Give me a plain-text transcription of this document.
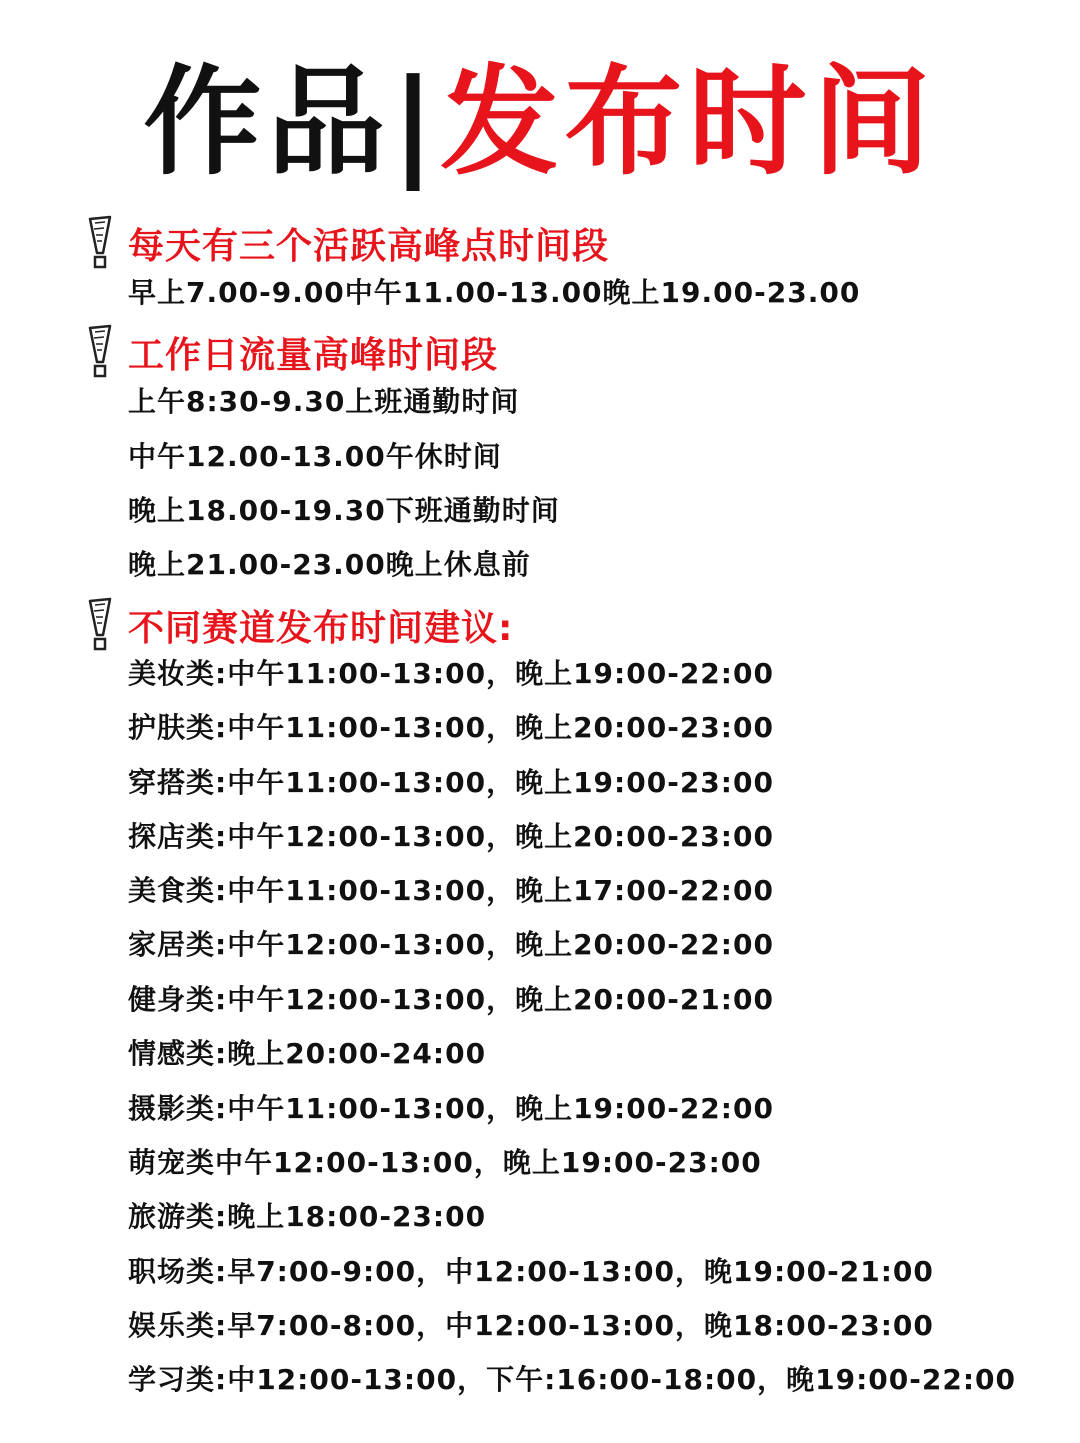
作品|发布时间
每天有三个活跃高峰点时间段
早上7.00-9.00中午11.00-13.00晚上19.00-23.00
工作日流量高峰时间段
上午8:30-9.30上班通勤时间
中午12.00-13.00午休时间
晚上18.00-19.30下班通勤时间
晚上21.00-23.00晚上休息前
不同赛道发布时间建议:
美妆类:中午11:00-13:00，晚上19:00-22:00
护肤类:中午11:00-13:00，晚上20:00-23:00
穿搭类:中午11:00-13:00，晚上19:00-23:00
探店类:中午12:00-13:00，晚上20:00-23:00
美食类:中午11:00-13:00，晚上17:00-22:00
家居类:中午12:00-13:00，晚上20:00-22:00
健身类:中午12:00-13:00，晚上20:00-21:00
情感类:晚上20:00-24:00
摄影类:中午11:00-13:00，晚上19:00-22:00
萌宠类中午12:00-13:00，晚上19:00-23:00
旅游类:晚上18:00-23:00
职场类:早7:00-9:00，中12:00-13:00，晚19:00-21:00
娱乐类:早7:00-8:00，中12:00-13:00，晚18:00-23:00
学习类:中12:00-13:00，下午:16:00-18:00，晚19:00-22:00
